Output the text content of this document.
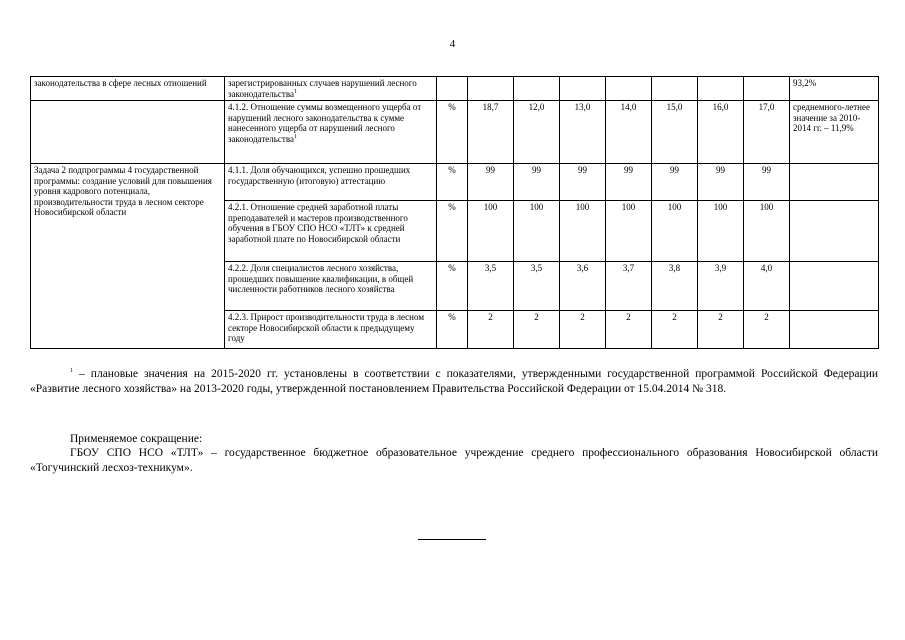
4
законодательства в сфере лесных отношений	зарегистрированных случаев нарушений лесного законодательства$^1$									93,2%
	4.1.2. Отношение суммы возмещенного ущерба от нарушений лесного законодательства к сумме нанесенного ущерба от нарушений лесного законодательства$^1$	%	18,7	12,0	13,0	14,0	15,0	16,0	17,0	среднемного-летнее значение за 2010-2014 гг. – 11,9%
Задача 2 подпрограммы 4 государственной программы: создание условий для повышения уровня кадрового потенциала, производительности труда в лесном секторе Новосибирской области	4.1.1. Доля обучающихся, успешно прошедших государственную (итоговую) аттестацию	%	99	99	99	99	99	99	99	
	4.2.1. Отношение средней заработной платы преподавателей и мастеров производственного обучения в ГБОУ СПО НСО «ТЛТ» к средней заработной плате по Новосибирской области	%	100	100	100	100	100	100	100	
	4.2.2. Доля специалистов лесного хозяйства, прошедших повышение квалификации, в общей численности работников лесного хозяйства	%	3,5	3,5	3,6	3,7	3,8	3,9	4,0	
	4.2.3. Прирост производительности труда в лесном секторе Новосибирской области к предыдущему году	%	2	2	2	2	2	2	2	
$^1$ – плановые значения на 2015-2020 гг. установлены в соответствии с показателями, утвержденными государственной программой Российской Федерации «Развитие лесного хозяйства» на 2013-2020 годы, утвержденной постановлением Правительства Российской Федерации от 15.04.2014 № 318.
Применяемое сокращение:
ГБОУ СПО НСО «ТЛТ» – государственное бюджетное образовательное учреждение среднего профессионального образования Новосибирской области «Тогучинский лесхоз-техникум».
